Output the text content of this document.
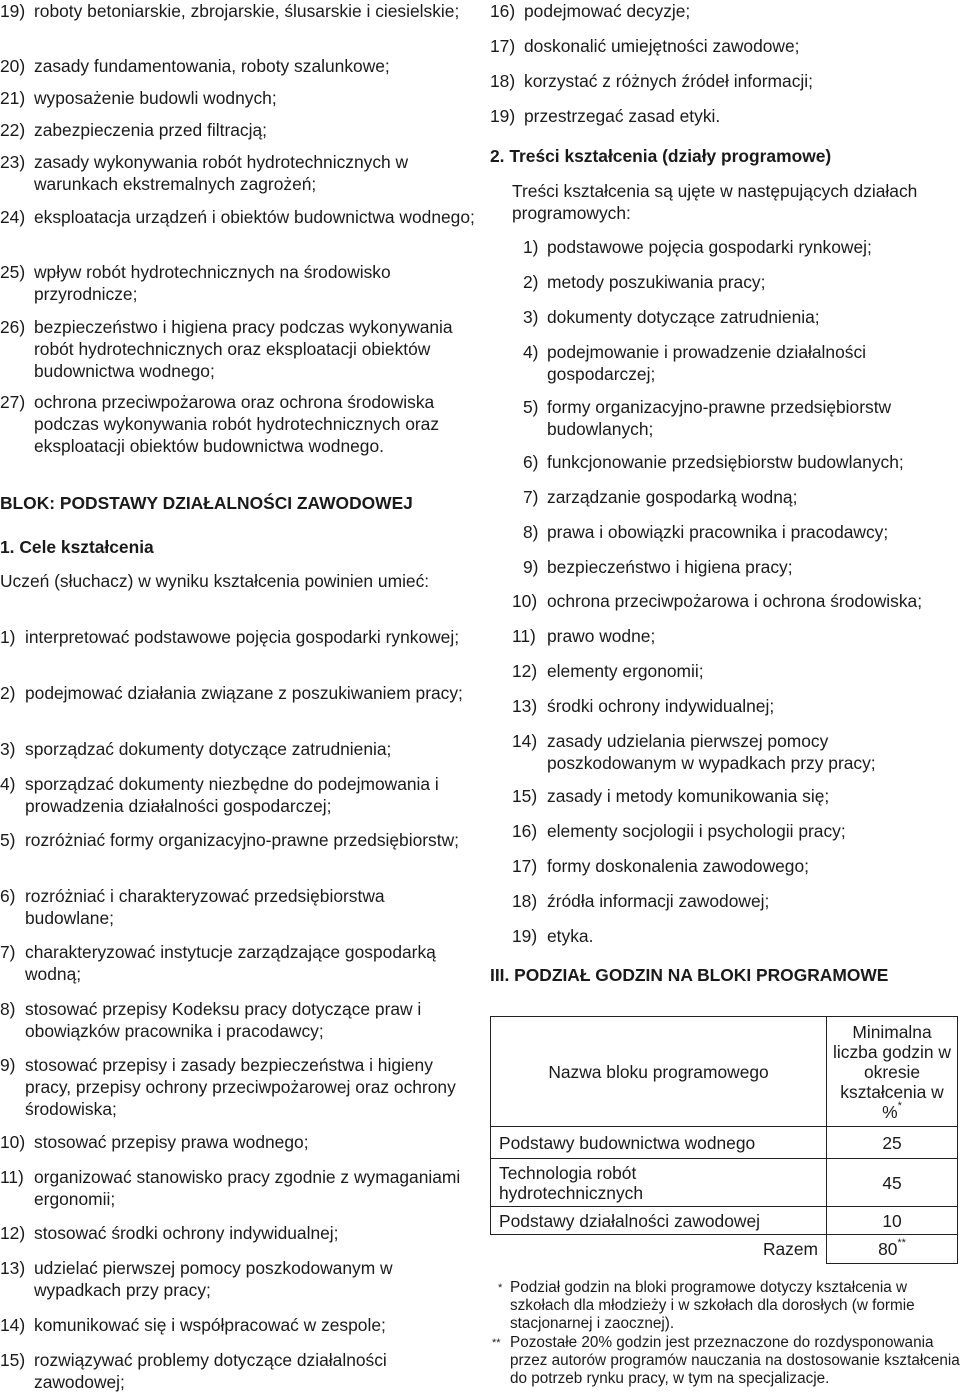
19) roboty betoniarskie, zbrojarskie, ślusarskie i ciesielskie;
20) zasady fundamentowania, roboty szalunkowe;
21) wyposażenie budowli wodnych;
22) zabezpieczenia przed filtracją;
23) zasady wykonywania robót hydrotechnicznych w warunkach ekstremalnych zagrożeń;
24) eksploatacja urządzeń i obiektów budownictwa wodnego;
25) wpływ robót hydrotechnicznych na środowisko przyrodnicze;
26) bezpieczeństwo i higiena pracy podczas wykonywania robót hydrotechnicznych oraz eksploatacji obiektów budownictwa wodnego;
27) ochrona przeciwpożarowa oraz ochrona środowiska podczas wykonywania robót hydrotechnicznych oraz eksploatacji obiektów budownictwa wodnego.
BLOK: PODSTAWY DZIAŁALNOŚCI ZAWODOWEJ
1. Cele kształcenia
Uczeń (słuchacz) w wyniku kształcenia powinien umieć:
1) interpretować podstawowe pojęcia gospodarki rynkowej;
2) podejmować działania związane z poszukiwaniem pracy;
3) sporządzać dokumenty dotyczące zatrudnienia;
4) sporządzać dokumenty niezbędne do podejmowania i prowadzenia działalności gospodarczej;
5) rozróżniać formy organizacyjno-prawne przedsiębiorstw;
6) rozróżniać i charakteryzować przedsiębiorstwa budowlane;
7) charakteryzować instytucje zarządzające gospodarką wodną;
8) stosować przepisy Kodeksu pracy dotyczące praw i obowiązków pracownika i pracodawcy;
9) stosować przepisy i zasady bezpieczeństwa i higieny pracy, przepisy ochrony przeciwpożarowej oraz ochrony środowiska;
10) stosować przepisy prawa wodnego;
11) organizować stanowisko pracy zgodnie z wymaganiami ergonomii;
12) stosować środki ochrony indywidualnej;
13) udzielać pierwszej pomocy poszkodowanym w wypadkach przy pracy;
14) komunikować się i współpracować w zespole;
15) rozwiązywać problemy dotyczące działalności zawodowej;
16) podejmować decyzje;
17) doskonalić umiejętności zawodowe;
18) korzystać z różnych źródeł informacji;
19) przestrzegać zasad etyki.
2. Treści kształcenia (działy programowe)
Treści kształcenia są ujęte w następujących działach programowych:
1) podstawowe pojęcia gospodarki rynkowej;
2) metody poszukiwania pracy;
3) dokumenty dotyczące zatrudnienia;
4) podejmowanie i prowadzenie działalności gospodarczej;
5) formy organizacyjno-prawne przedsiębiorstw budowlanych;
6) funkcjonowanie przedsiębiorstw budowlanych;
7) zarządzanie gospodarką wodną;
8) prawa i obowiązki pracownika i pracodawcy;
9) bezpieczeństwo i higiena pracy;
10) ochrona przeciwpożarowa i ochrona środowiska;
11) prawo wodne;
12) elementy ergonomii;
13) środki ochrony indywidualnej;
14) zasady udzielania pierwszej pomocy poszkodowanym w wypadkach przy pracy;
15) zasady i metody komunikowania się;
16) elementy socjologii i psychologii pracy;
17) formy doskonalenia zawodowego;
18) źródła informacji zawodowej;
19) etyka.
III. PODZIAŁ GODZIN NA BLOKI PROGRAMOWE
Nazwa bloku programowego	Minimalna liczba godzin w okresie kształcenia w %*
Podstawy budownictwa wodnego	25
Technologia robót hydrotechnicznych	45
Podstawy działalności zawodowej	10
Razem	80**
* Podział godzin na bloki programowe dotyczy kształcenia w szkołach dla młodzieży i w szkołach dla dorosłych (w formie stacjonarnej i zaocznej).
** Pozostałe 20% godzin jest przeznaczone do rozdysponowania przez autorów programów nauczania na dostosowanie kształcenia do potrzeb rynku pracy, w tym na specjalizacje.
